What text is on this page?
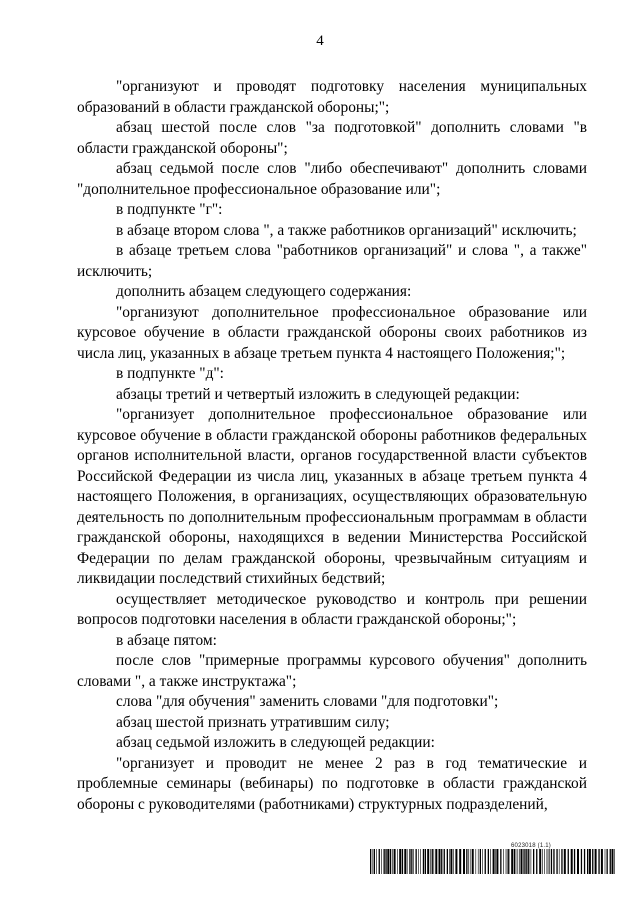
4

"организуют и проводят подготовку населения муниципальных образований в области гражданской обороны;";

абзац шестой после слов "за подготовкой" дополнить словами "в области гражданской обороны";

абзац седьмой после слов "либо обеспечивают" дополнить словами "дополнительное профессиональное образование или";

в подпункте "г":

в абзаце втором слова ", а также работников организаций" исключить;

в абзаце третьем слова "работников организаций" и слова ", а также" исключить;

дополнить абзацем следующего содержания:

"организуют дополнительное профессиональное образование или курсовое обучение в области гражданской обороны своих работников из числа лиц, указанных в абзаце третьем пункта 4 настоящего Положения;";

в подпункте "д":

абзацы третий и четвертый изложить в следующей редакции:

"организует дополнительное профессиональное образование или курсовое обучение в области гражданской обороны работников федеральных органов исполнительной власти, органов государственной власти субъектов Российской Федерации из числа лиц, указанных в абзаце третьем пункта 4 настоящего Положения, в организациях, осуществляющих образовательную деятельность по дополнительным профессиональным программам в области гражданской обороны, находящихся в ведении Министерства Российской Федерации по делам гражданской обороны, чрезвычайным ситуациям и ликвидации последствий стихийных бедствий;

осуществляет методическое руководство и контроль при решении вопросов подготовки населения в области гражданской обороны;";

в абзаце пятом:

после слов "примерные программы курсового обучения" дополнить словами ", а также инструктажа";

слова "для обучения" заменить словами "для подготовки";

абзац шестой признать утратившим силу;

абзац седьмой изложить в следующей редакции:

"организует и проводит не менее 2 раз в год тематические и проблемные семинары (вебинары) по подготовке в области гражданской обороны с руководителями (работниками) структурных подразделений,

6023018 (1.1)
